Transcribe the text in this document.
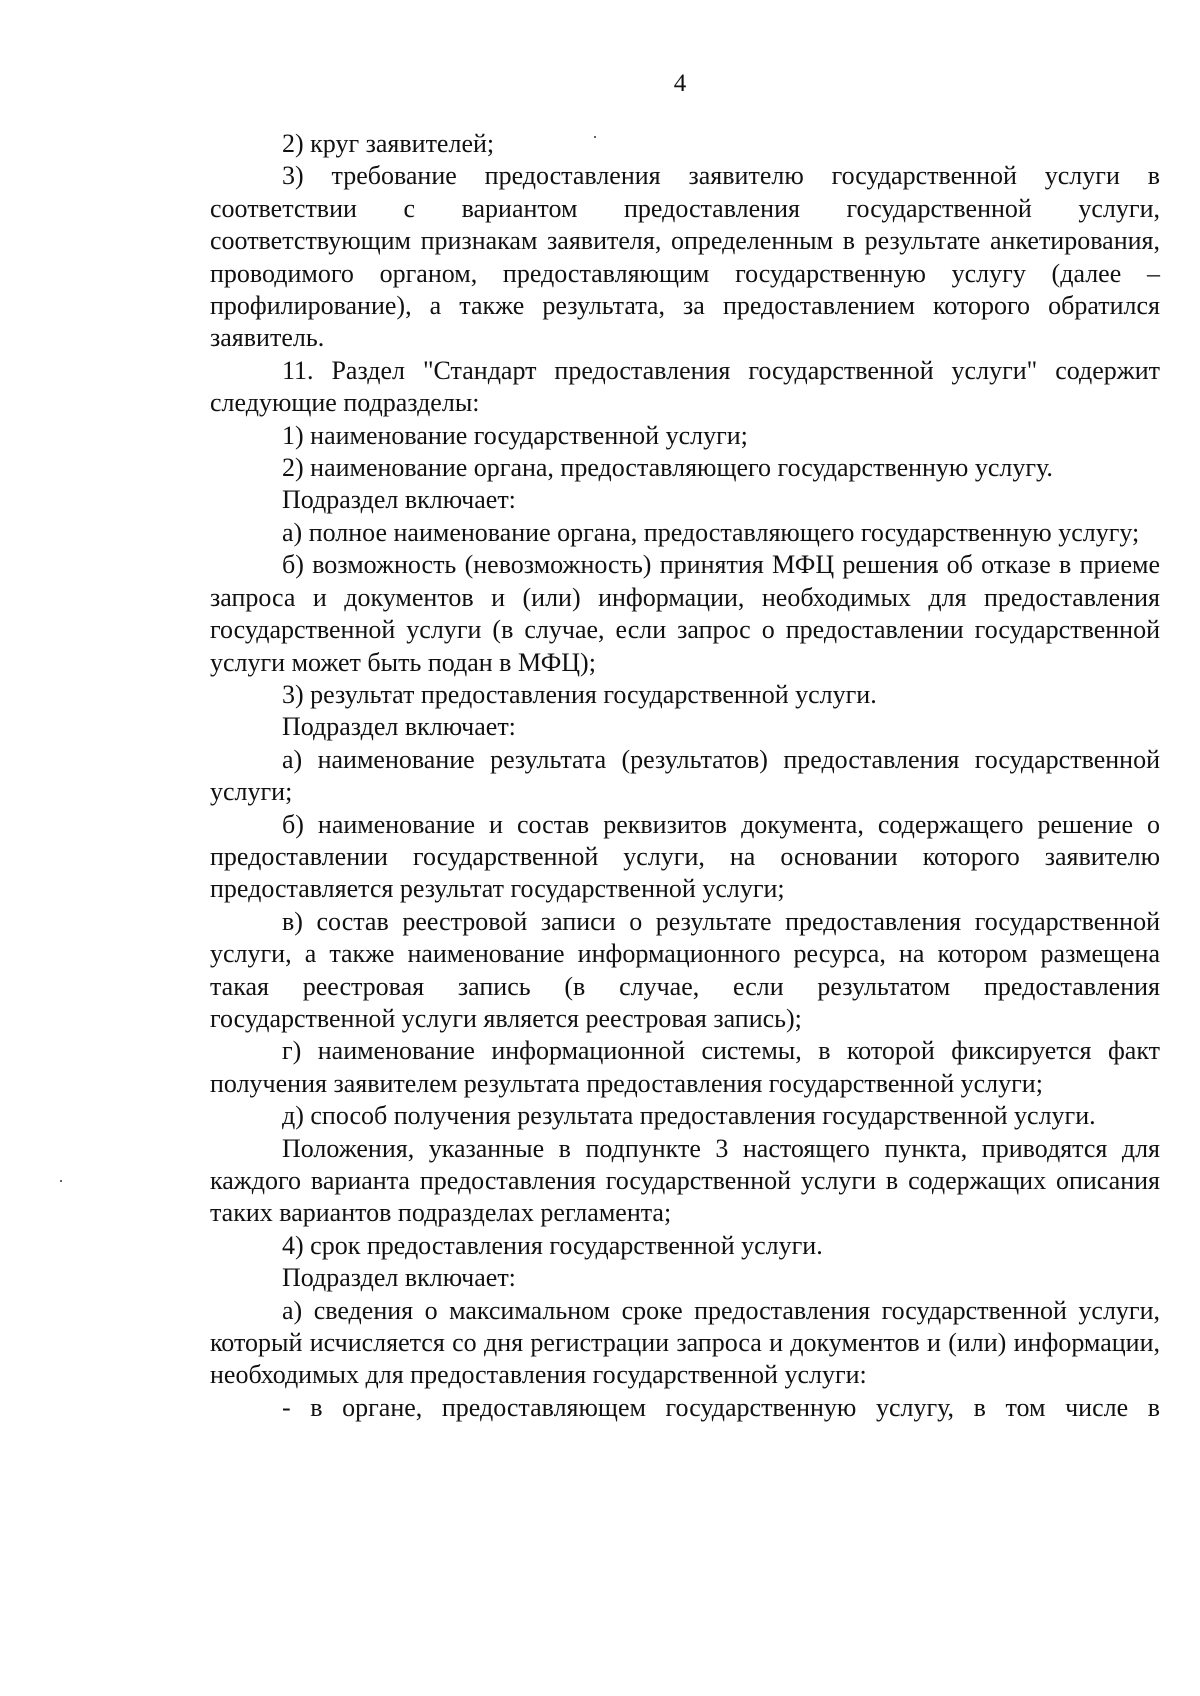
4

2) круг заявителей;

3) требование предоставления заявителю государственной услуги в соответствии с вариантом предоставления государственной услуги, соответствующим признакам заявителя, определенным в результате анкетирования, проводимого органом, предоставляющим государственную услугу (далее – профилирование), а также результата, за предоставлением которого обратился заявитель.

11. Раздел "Стандарт предоставления государственной услуги" содержит следующие подразделы:

1) наименование государственной услуги;

2) наименование органа, предоставляющего государственную услугу.

Подраздел включает:

а) полное наименование органа, предоставляющего государственную услугу;

б) возможность (невозможность) принятия МФЦ решения об отказе в приеме запроса и документов и (или) информации, необходимых для предоставления государственной услуги (в случае, если запрос о предоставлении государственной услуги может быть подан в МФЦ);

3) результат предоставления государственной услуги.

Подраздел включает:

а) наименование результата (результатов) предоставления государственной услуги;

б) наименование и состав реквизитов документа, содержащего решение о предоставлении государственной услуги, на основании которого заявителю предоставляется результат государственной услуги;

в) состав реестровой записи о результате предоставления государственной услуги, а также наименование информационного ресурса, на котором размещена такая реестровая запись (в случае, если результатом предоставления государственной услуги является реестровая запись);

г) наименование информационной системы, в которой фиксируется факт получения заявителем результата предоставления государственной услуги;

д) способ получения результата предоставления государственной услуги.

Положения, указанные в подпункте 3 настоящего пункта, приводятся для каждого варианта предоставления государственной услуги в содержащих описания таких вариантов подразделах регламента;

4) срок предоставления государственной услуги.

Подраздел включает:

а) сведения о максимальном сроке предоставления государственной услуги, который исчисляется со дня регистрации запроса и документов и (или) информации, необходимых для предоставления государственной услуги:

- в органе, предоставляющем государственную услугу, в том числе в
